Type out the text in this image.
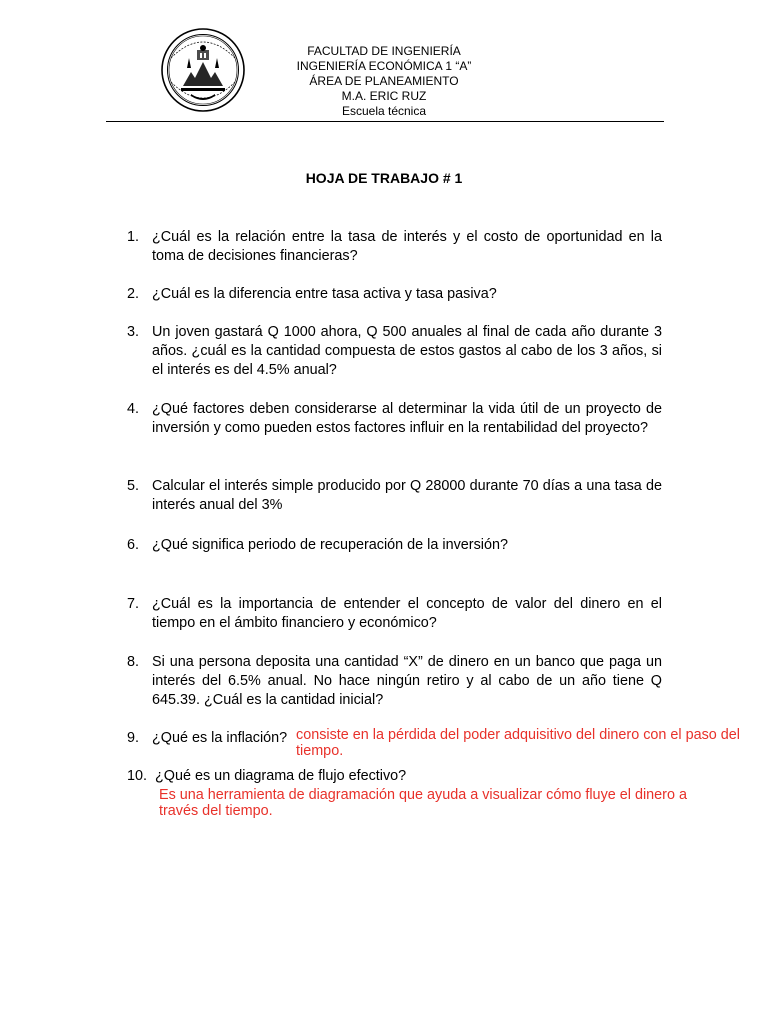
FACULTAD DE INGENIERÍA
INGENIERÍA ECONÓMICA 1 “A”
ÁREA DE PLANEAMIENTO
M.A. ERIC RUZ
Escuela técnica
HOJA DE TRABAJO # 1
1. ¿Cuál es la relación entre la tasa de interés y el costo de oportunidad en la toma de decisiones financieras?
2. ¿Cuál es la diferencia entre tasa activa y tasa pasiva?
3. Un joven gastará Q 1000 ahora, Q 500 anuales al final de cada año durante 3 años. ¿cuál es la cantidad compuesta de estos gastos al cabo de los 3 años, si el interés es del 4.5% anual?
4. ¿Qué factores deben considerarse al determinar la vida útil de un proyecto de inversión y como pueden estos factores influir en la rentabilidad del proyecto?
5. Calcular el interés simple producido por Q 28000 durante 70 días a una tasa de interés anual del 3%
6. ¿Qué significa periodo de recuperación de la inversión?
7. ¿Cuál es la importancia de entender el concepto de valor del dinero en el tiempo en el ámbito financiero y económico?
8. Si una persona deposita una cantidad “X” de dinero en un banco que paga un interés del 6.5% anual. No hace ningún retiro y al cabo de un año tiene Q 645.39. ¿Cuál es la cantidad inicial?
9. ¿Qué es la inflación? consiste en la pérdida del poder adquisitivo del dinero con el paso del tiempo.
10. ¿Qué es un diagrama de flujo efectivo?
Es una herramienta de diagramación que ayuda a visualizar cómo fluye el dinero a través del tiempo.
